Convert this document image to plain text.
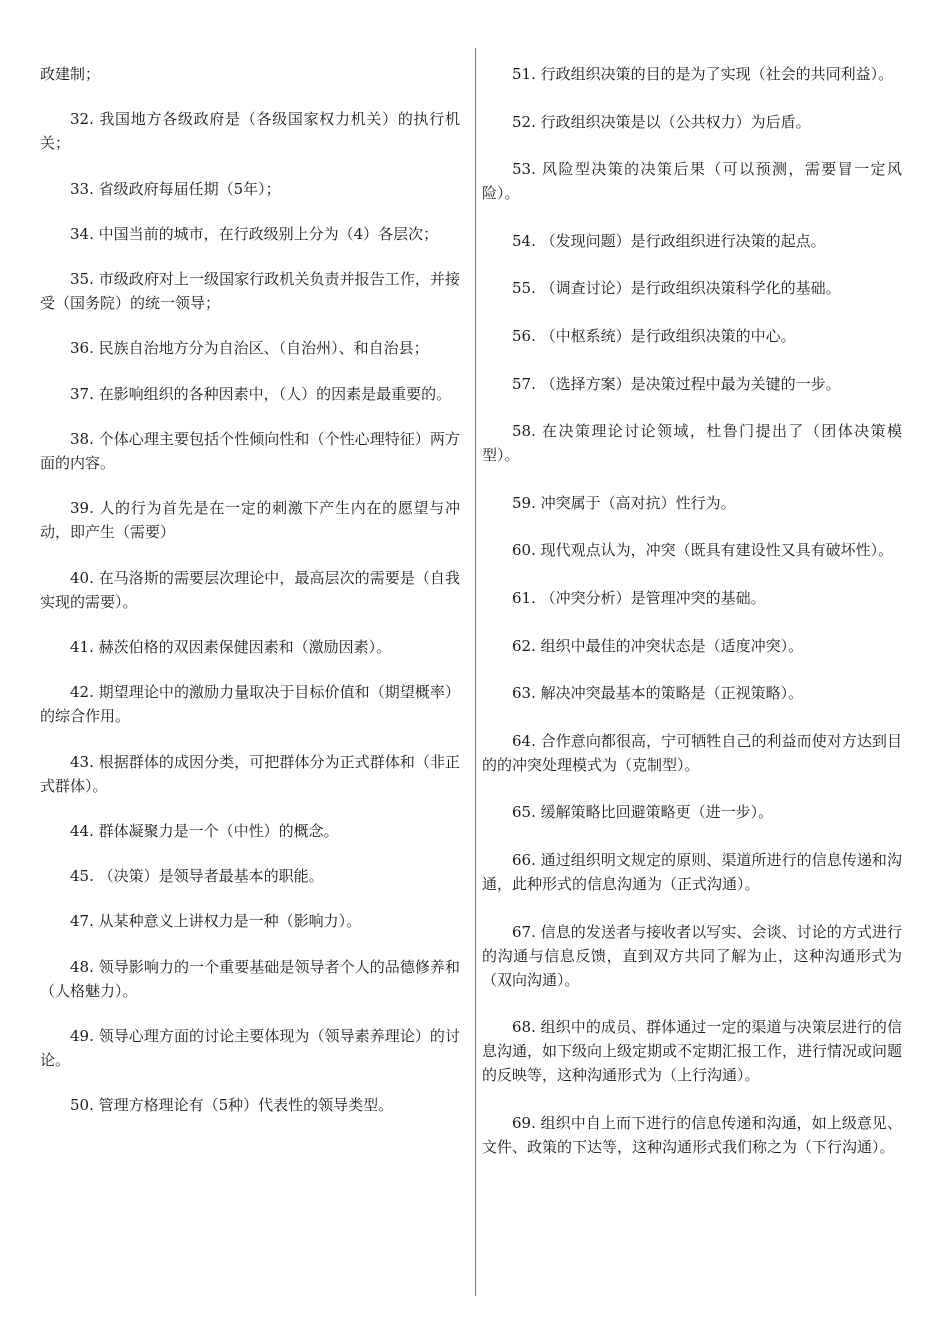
政建制；

32. 我国地方各级政府是（各级国家权力机关）的执行机关；

33. 省级政府每届任期（5年）；

34. 中国当前的城市，在行政级别上分为（4）各层次；

35. 市级政府对上一级国家行政机关负责并报告工作，并接受（国务院）的统一领导；

36. 民族自治地方分为自治区、（自治州）、和自治县；

37. 在影响组织的各种因素中，（人）的因素是最重要的。

38. 个体心理主要包括个性倾向性和（个性心理特征）两方面的内容。

39. 人的行为首先是在一定的刺激下产生内在的愿望与冲动，即产生（需要）

40. 在马洛斯的需要层次理论中，最高层次的需要是（自我实现的需要）。

41. 赫茨伯格的双因素保健因素和（激励因素）。

42. 期望理论中的激励力量取决于目标价值和（期望概率）的综合作用。

43. 根据群体的成因分类，可把群体分为正式群体和（非正式群体）。

44. 群体凝聚力是一个（中性）的概念。

45. （决策）是领导者最基本的职能。

47. 从某种意义上讲权力是一种（影响力）。

48. 领导影响力的一个重要基础是领导者个人的品德修养和（人格魅力）。

49. 领导心理方面的讨论主要体现为（领导素养理论）的讨论。

50. 管理方格理论有（5种）代表性的领导类型。

51. 行政组织决策的目的是为了实现（社会的共同利益）。

52. 行政组织决策是以（公共权力）为后盾。

53. 风险型决策的决策后果（可以预测，需要冒一定风险）。

54. （发现问题）是行政组织进行决策的起点。

55. （调查讨论）是行政组织决策科学化的基础。

56. （中枢系统）是行政组织决策的中心。

57. （选择方案）是决策过程中最为关键的一步。

58. 在决策理论讨论领域，杜鲁门提出了（团体决策模型）。

59. 冲突属于（高对抗）性行为。

60. 现代观点认为，冲突（既具有建设性又具有破坏性）。

61. （冲突分析）是管理冲突的基础。

62. 组织中最佳的冲突状态是（适度冲突）。

63. 解决冲突最基本的策略是（正视策略）。

64. 合作意向都很高，宁可牺牲自己的利益而使对方达到目的的冲突处理模式为（克制型）。

65. 缓解策略比回避策略更（进一步）。

66. 通过组织明文规定的原则、渠道所进行的信息传递和沟通，此种形式的信息沟通为（正式沟通）。

67. 信息的发送者与接收者以写实、会谈、讨论的方式进行的沟通与信息反馈，直到双方共同了解为止，这种沟通形式为（双向沟通）。

68. 组织中的成员、群体通过一定的渠道与决策层进行的信息沟通，如下级向上级定期或不定期汇报工作，进行情况或问题的反映等，这种沟通形式为（上行沟通）。

69. 组织中自上而下进行的信息传递和沟通，如上级意见、文件、政策的下达等，这种沟通形式我们称之为（下行沟通）。
